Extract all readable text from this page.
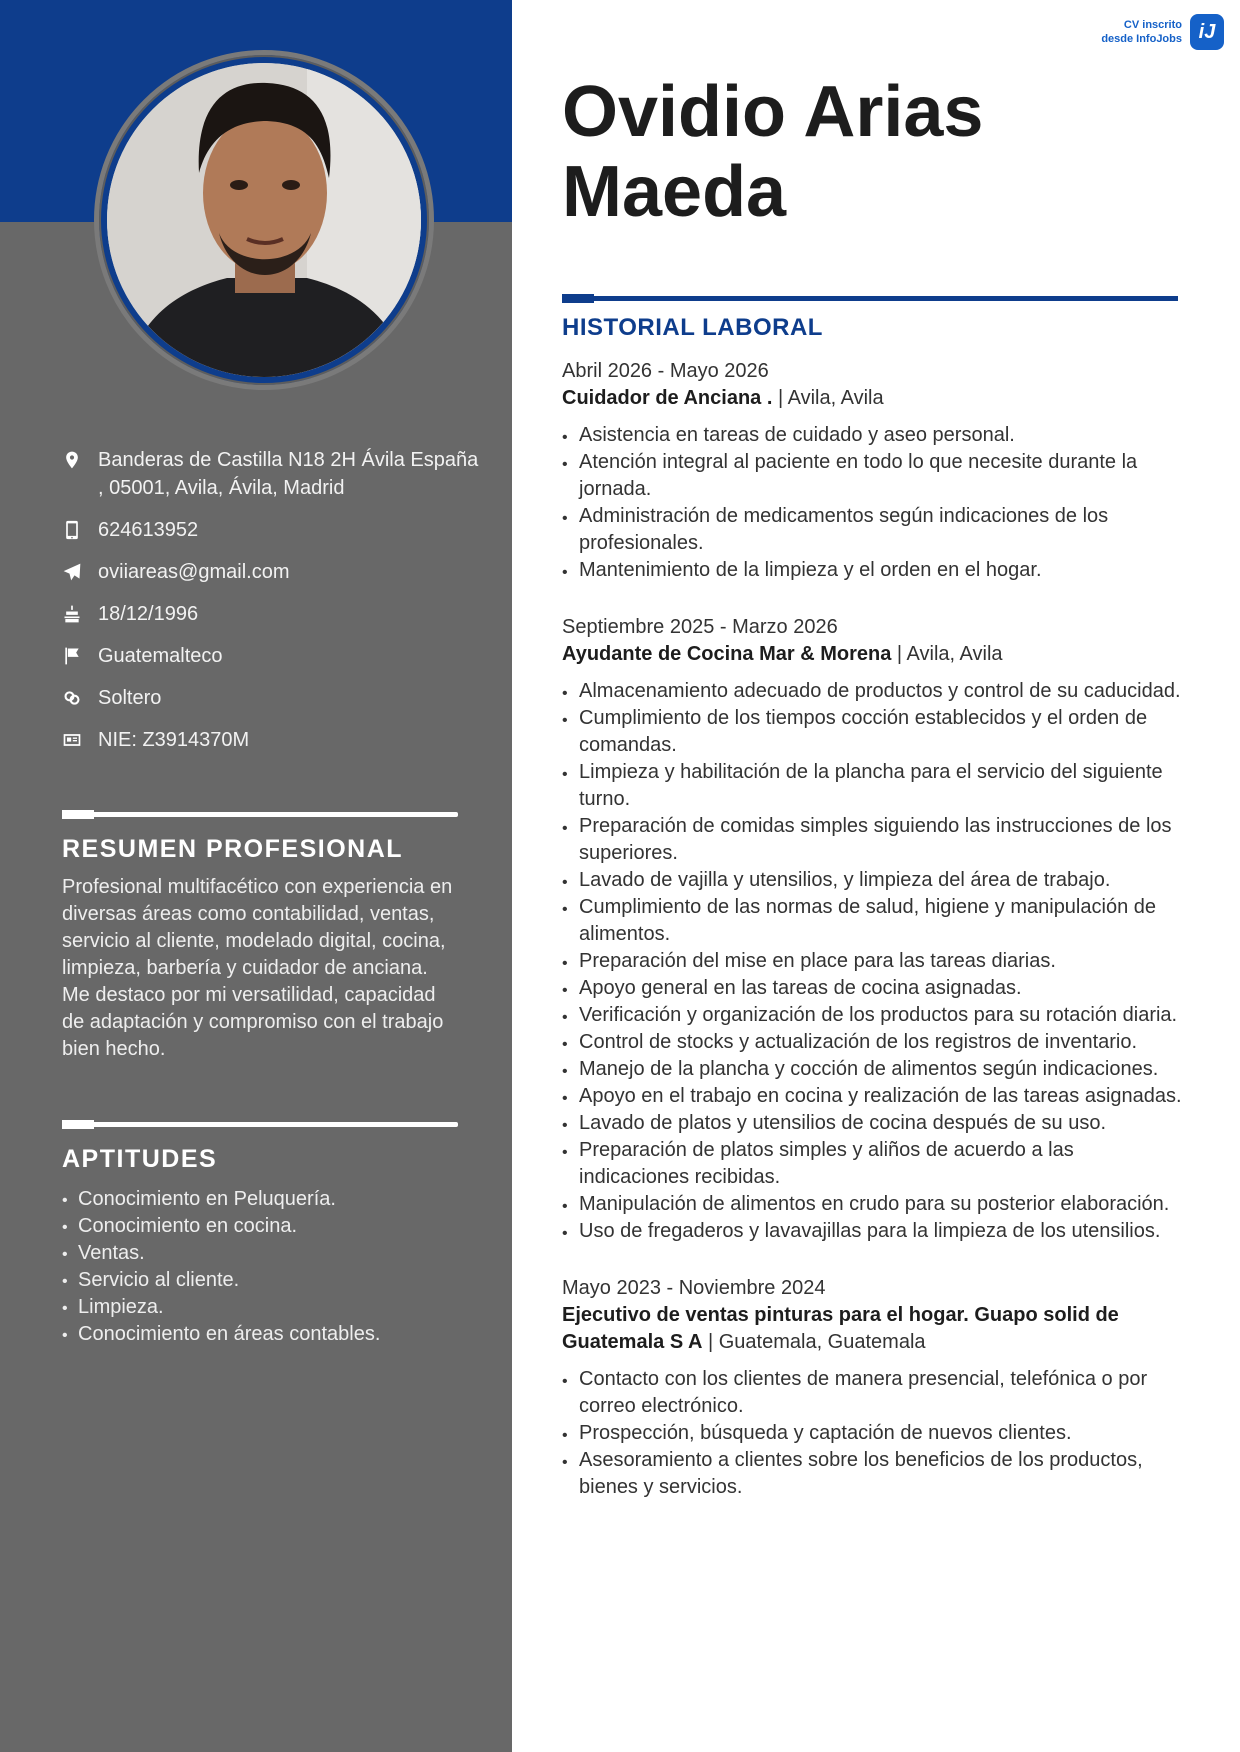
Banderas de Castilla N18 2H Ávila España , 05001, Avila, Ávila, Madrid
624613952
oviiareas@gmail.com
18/12/1996
Guatemalteco
Soltero
NIE: Z3914370M
RESUMEN PROFESIONAL

Profesional multifacético con experiencia en diversas áreas como contabilidad, ventas, servicio al cliente, modelado digital, cocina, limpieza, barbería y cuidador de anciana. Me destaco por mi versatilidad, capacidad de adaptación y compromiso con el trabajo bien hecho.

APTITUDES
• Conocimiento en Peluquería.
• Conocimiento en cocina.
• Ventas.
• Servicio al cliente.
• Limpieza.
• Conocimiento en áreas contables.
CV inscrito
desde InfoJobs iJ
Ovidio Arias Maeda
HISTORIAL LABORAL
Abril 2026 - Mayo 2026
Cuidador de Anciana . | Avila, Avila
• Asistencia en tareas de cuidado y aseo personal.
• Atención integral al paciente en todo lo que necesite durante la jornada.
• Administración de medicamentos según indicaciones de los profesionales.
• Mantenimiento de la limpieza y el orden en el hogar.
Septiembre 2025 - Marzo 2026
Ayudante de Cocina Mar & Morena | Avila, Avila
• Almacenamiento adecuado de productos y control de su caducidad.
• Cumplimiento de los tiempos cocción establecidos y el orden de comandas.
• Limpieza y habilitación de la plancha para el servicio del siguiente turno.
• Preparación de comidas simples siguiendo las instrucciones de los superiores.
• Lavado de vajilla y utensilios, y limpieza del área de trabajo.
• Cumplimiento de las normas de salud, higiene y manipulación de alimentos.
• Preparación del mise en place para las tareas diarias.
• Apoyo general en las tareas de cocina asignadas.
• Verificación y organización de los productos para su rotación diaria.
• Control de stocks y actualización de los registros de inventario.
• Manejo de la plancha y cocción de alimentos según indicaciones.
• Apoyo en el trabajo en cocina y realización de las tareas asignadas.
• Lavado de platos y utensilios de cocina después de su uso.
• Preparación de platos simples y aliños de acuerdo a las indicaciones recibidas.
• Manipulación de alimentos en crudo para su posterior elaboración.
• Uso de fregaderos y lavavajillas para la limpieza de los utensilios.
Mayo 2023 - Noviembre 2024
Ejecutivo de ventas pinturas para el hogar. Guapo solid de Guatemala S A | Guatemala, Guatemala
• Contacto con los clientes de manera presencial, telefónica o por correo electrónico.
• Prospección, búsqueda y captación de nuevos clientes.
• Asesoramiento a clientes sobre los beneficios de los productos, bienes y servicios.
